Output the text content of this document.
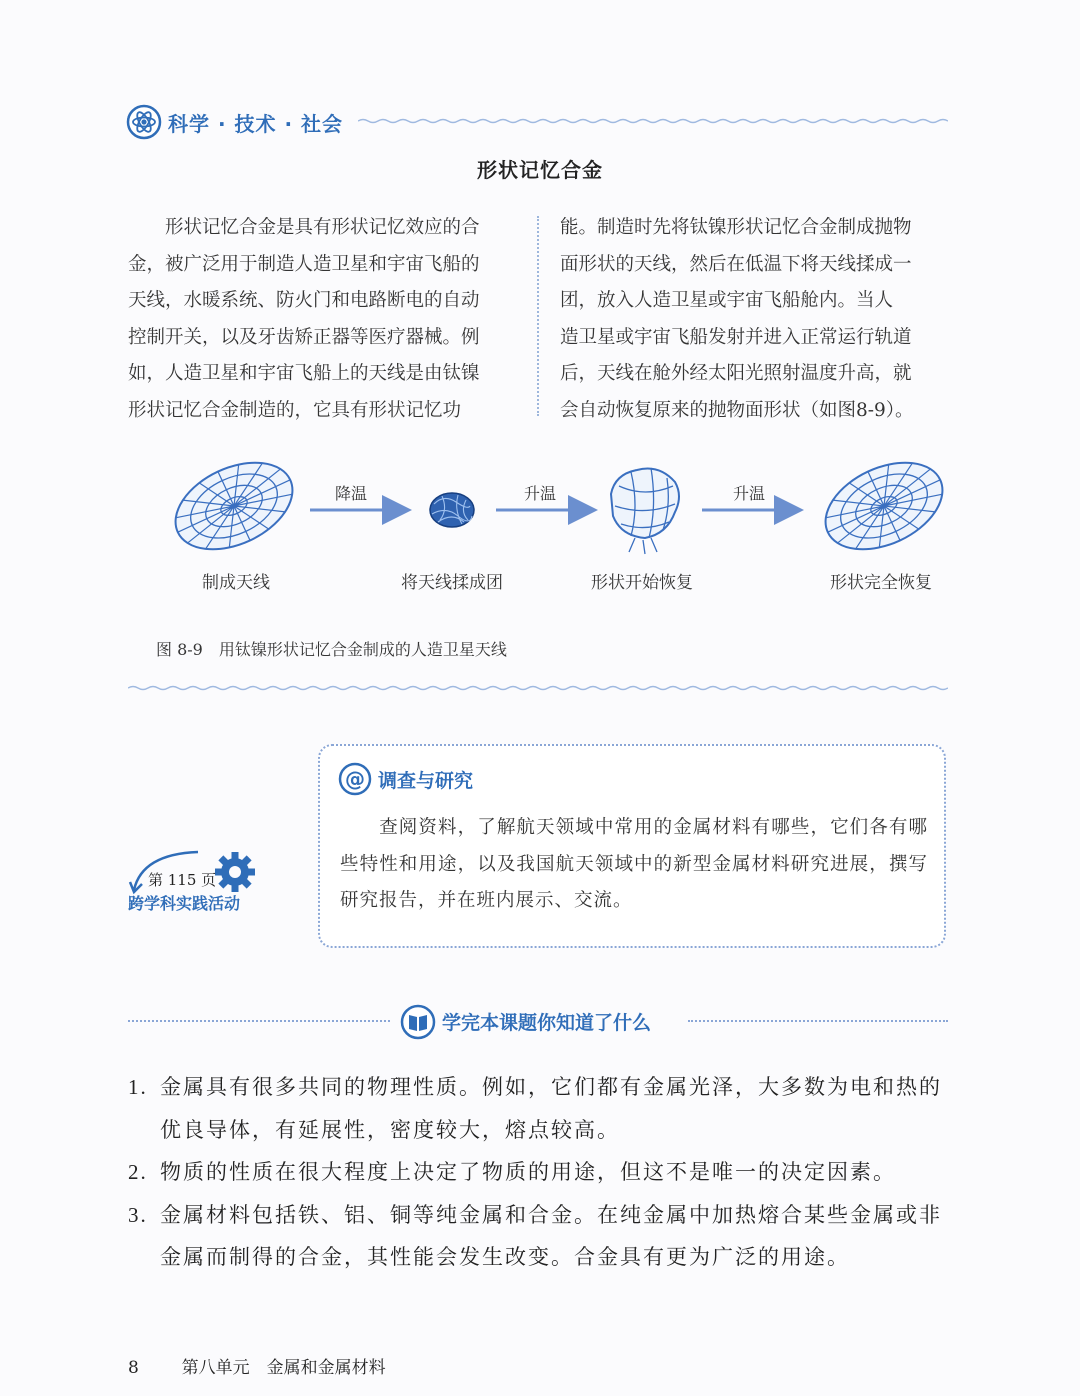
科学 · 技术 · 社会
形状记忆合金
　　形状记忆合金是具有形状记忆效应的合
金，被广泛用于制造人造卫星和宇宙飞船的
天线，水暖系统、防火门和电路断电的自动
控制开关，以及牙齿矫正器等医疗器械。例
如，人造卫星和宇宙飞船上的天线是由钛镍
形状记忆合金制造的，它具有形状记忆功
能。制造时先将钛镍形状记忆合金制成抛物
面形状的天线，然后在低温下将天线揉成一
团，放入人造卫星或宇宙飞船舱内。当人
造卫星或宇宙飞船发射并进入正常运行轨道
后，天线在舱外经太阳光照射温度升高，就
会自动恢复原来的抛物面形状（如图8-9）。
降温	升温	升温
制成天线	将天线揉成团	形状开始恢复	形状完全恢复
图 8-9　用钛镍形状记忆合金制成的人造卫星天线
@ 调查与研究
　　查阅资料，了解航天领域中常用的金属材料有哪些，它们各有哪些特性和用途，以及我国航天领域中的新型金属材料研究进展，撰写研究报告，并在班内展示、交流。
第 115 页
跨学科实践活动
学完本课题你知道了什么
1. 金属具有很多共同的物理性质。例如，它们都有金属光泽，大多数为电和热的优良导体，有延展性，密度较大，熔点较高。
2. 物质的性质在很大程度上决定了物质的用途，但这不是唯一的决定因素。
3. 金属材料包括铁、铝、铜等纯金属和合金。在纯金属中加热熔合某些金属或非金属而制得的合金，其性能会发生改变。合金具有更为广泛的用途。
8	第八单元　金属和金属材料
